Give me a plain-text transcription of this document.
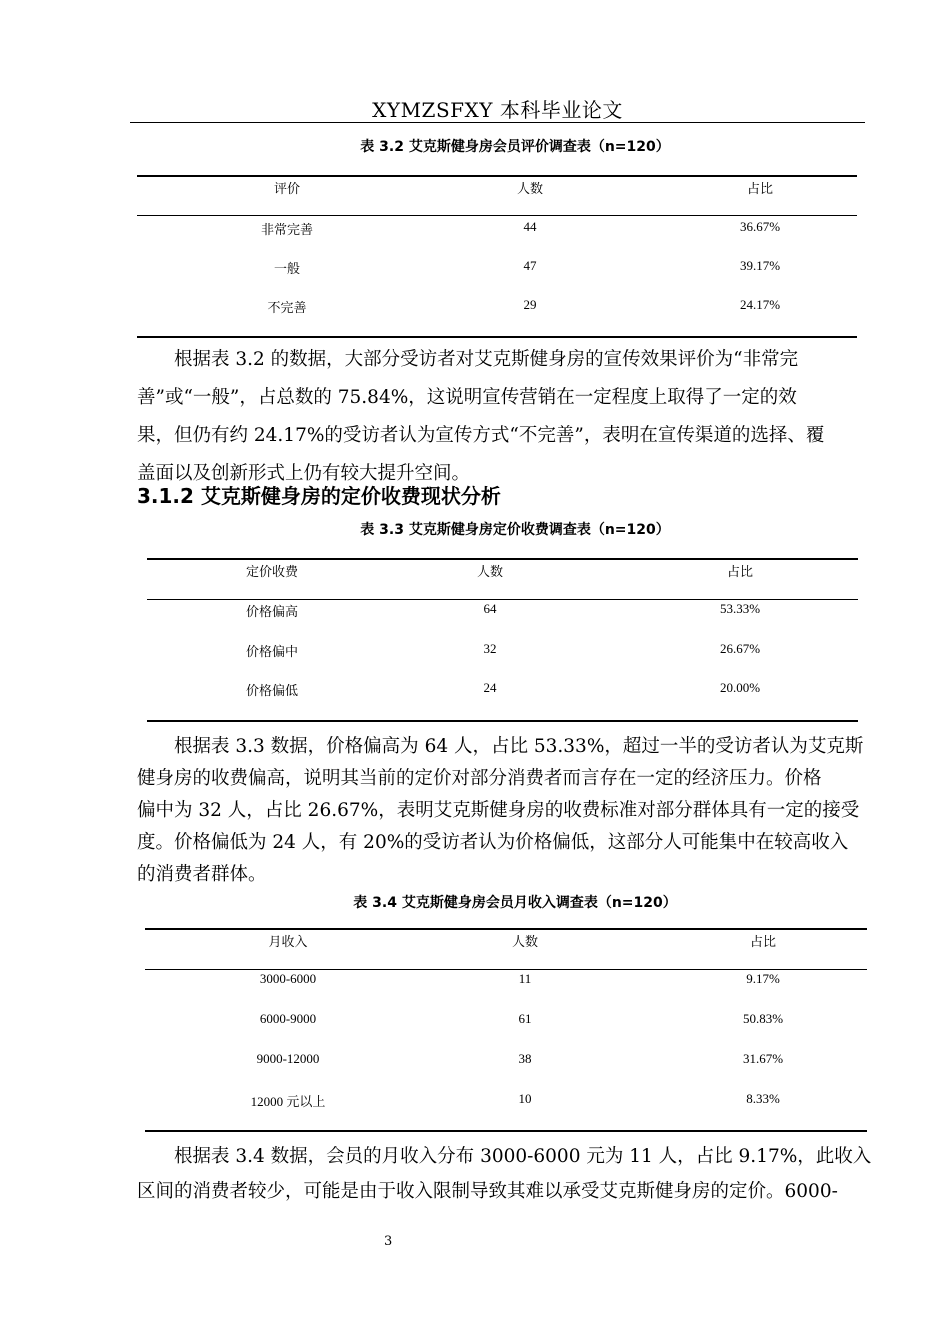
XYMZSFXY 本科毕业论文
表 3.2 艾克斯健身房会员评价调查表（n=120）
评价	人数	占比
非常完善	44	36.67%
一般	47	39.17%
不完善	29	24.17%
根据表 3.2 的数据，大部分受访者对艾克斯健身房的宣传效果评价为“非常完
善”或“一般”，占总数的 75.84%，这说明宣传营销在一定程度上取得了一定的效
果，但仍有约 24.17%的受访者认为宣传方式“不完善”，表明在宣传渠道的选择、覆
盖面以及创新形式上仍有较大提升空间。
3.1.2 艾克斯健身房的定价收费现状分析
表 3.3 艾克斯健身房定价收费调查表（n=120）
定价收费	人数	占比
价格偏高	64	53.33%
价格偏中	32	26.67%
价格偏低	24	20.00%
根据表 3.3 数据，价格偏高为 64 人，占比 53.33%，超过一半的受访者认为艾克斯
健身房的收费偏高，说明其当前的定价对部分消费者而言存在一定的经济压力。价格
偏中为 32 人，占比 26.67%，表明艾克斯健身房的收费标准对部分群体具有一定的接受
度。价格偏低为 24 人，有 20%的受访者认为价格偏低，这部分人可能集中在较高收入
的消费者群体。
表 3.4 艾克斯健身房会员月收入调查表（n=120）
月收入	人数	占比
3000-6000	11	9.17%
6000-9000	61	50.83%
9000-12000	38	31.67%
12000 元以上	10	8.33%
根据表 3.4 数据，会员的月收入分布 3000-6000 元为 11 人，占比 9.17%，此收入
区间的消费者较少，可能是由于收入限制导致其难以承受艾克斯健身房的定价。6000-
3
